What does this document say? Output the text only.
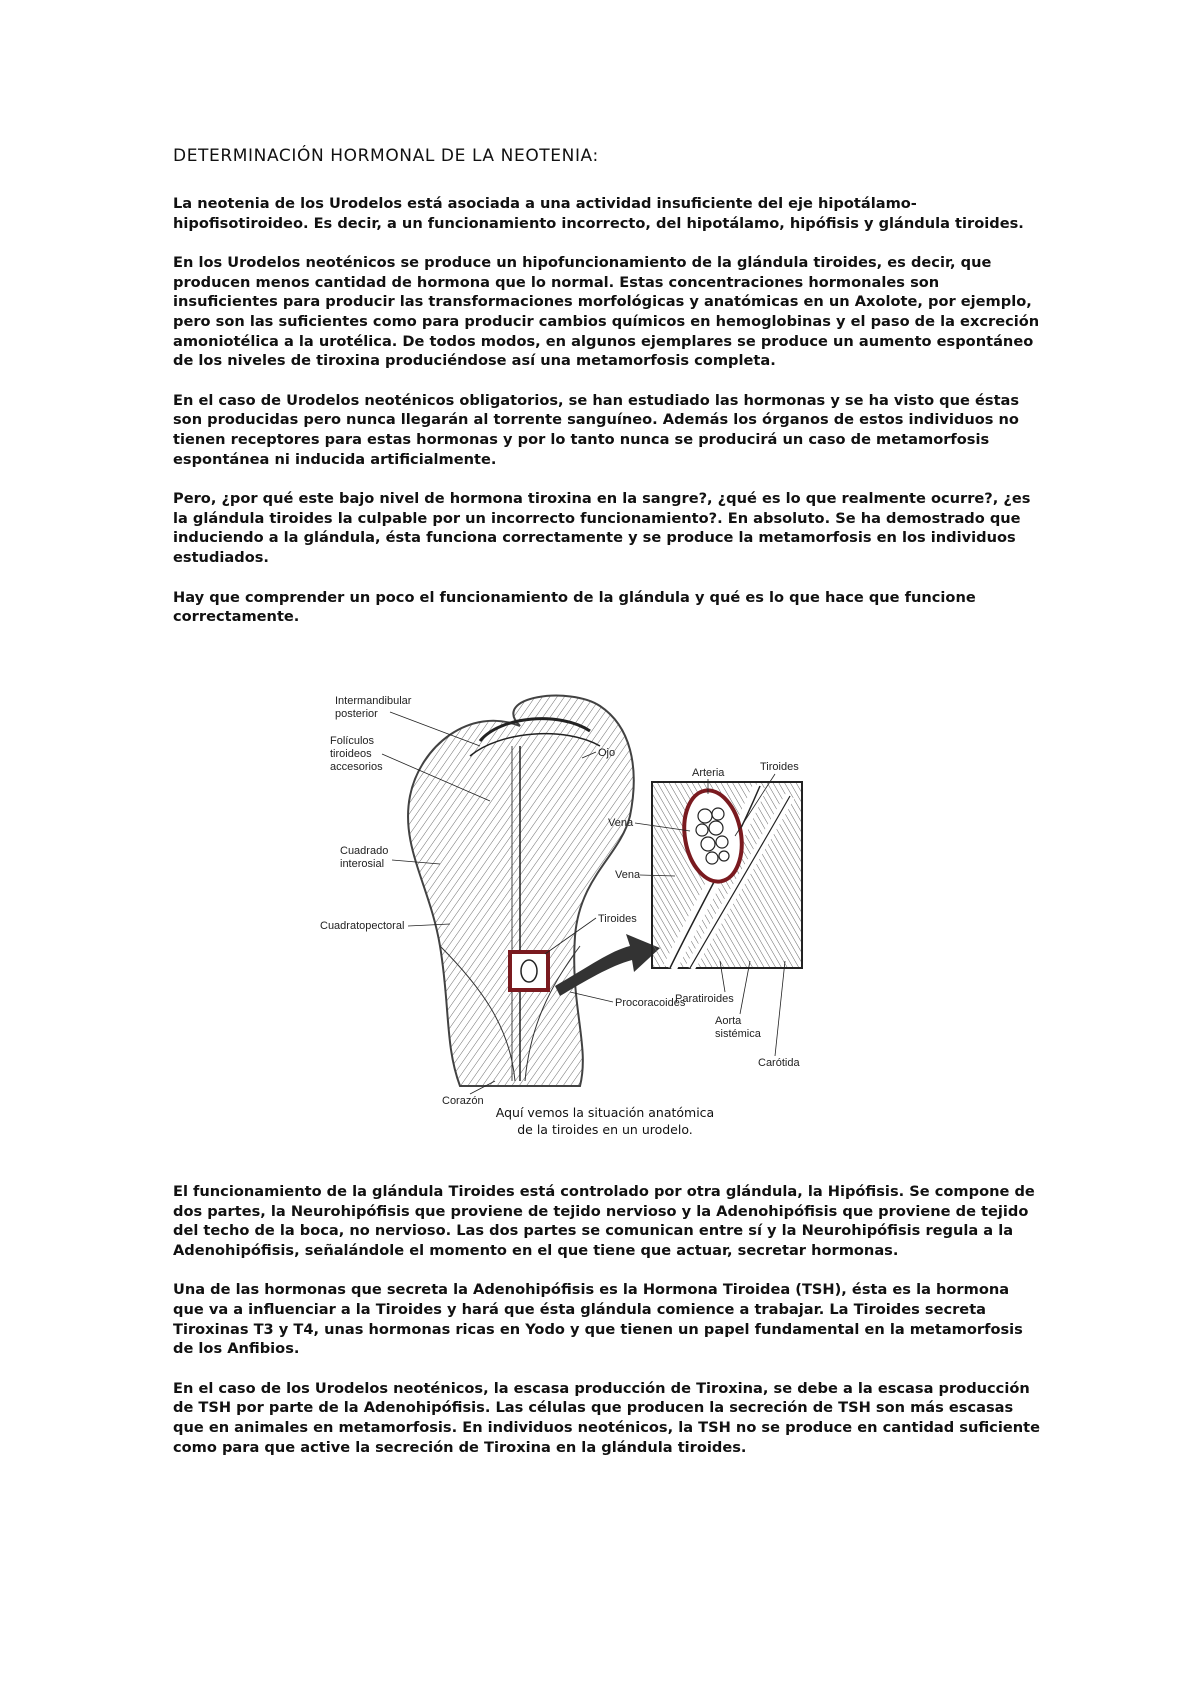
DETERMINACIÓN HORMONAL DE LA NEOTENIA:

La neotenia de los Urodelos está asociada a una actividad insuficiente del eje hipotálamo-hipofisotiroideo. Es decir, a un funcionamiento incorrecto, del hipotálamo, hipófisis y glándula tiroides.

En los Urodelos neoténicos se produce un hipofuncionamiento de la glándula tiroides, es decir, que producen menos cantidad de hormona que lo normal. Estas concentraciones hormonales son insuficientes para producir las transformaciones morfológicas y anatómicas en un Axolote, por ejemplo, pero son las suficientes como para producir cambios químicos en hemoglobinas y el paso de la excreción amoniotélica a la urotélica. De todos modos, en algunos ejemplares se produce un aumento espontáneo de los niveles de tiroxina produciéndose así una metamorfosis completa.

En el caso de Urodelos neoténicos obligatorios, se han estudiado las hormonas y se ha visto que éstas son producidas pero nunca llegarán al torrente sanguíneo. Además los órganos de estos individuos no tienen receptores para estas hormonas y por lo tanto nunca se producirá un caso de metamorfosis espontánea ni inducida artificialmente.

Pero, ¿por qué este bajo nivel de hormona tiroxina en la sangre?, ¿qué es lo que realmente ocurre?, ¿es la glándula tiroides la culpable por un incorrecto funcionamiento?. En absoluto. Se ha demostrado que induciendo a la glándula, ésta funciona correctamente y se produce la metamorfosis en los individuos estudiados.

Hay que comprender un poco el funcionamiento de la glándula y qué es lo que hace que funcione correctamente.

Intermandibular
posterior
Folículos
tiroideos
accesorios
Cuadrado
interosial
Cuadratopectoral
Ojo
Tiroides
Procoracoides
Corazón
Arteria	Tiroides
Vena
Vena
Paratiroides
Aorta
sistémica
Carótida
Aquí vemos la situación anatómica
de la tiroides en un urodelo.

El funcionamiento de la glándula Tiroides está controlado por otra glándula, la Hipófisis. Se compone de dos partes, la Neurohipófisis que proviene de tejido nervioso y la Adenohipófisis que proviene de tejido del techo de la boca, no nervioso. Las dos partes se comunican entre sí y la Neurohipófisis regula a la Adenohipófisis, señalándole el momento en el que tiene que actuar, secretar hormonas.

Una de las hormonas que secreta la Adenohipófisis es la Hormona Tiroidea (TSH), ésta es la hormona que va a influenciar a la Tiroides y hará que ésta glándula comience a trabajar. La Tiroides secreta Tiroxinas T3 y T4, unas hormonas ricas en Yodo y que tienen un papel fundamental en la metamorfosis de los Anfibios.

En el caso de los Urodelos neoténicos, la escasa producción de Tiroxina, se debe a la escasa producción de TSH por parte de la Adenohipófisis. Las células que producen la secreción de TSH son más escasas que en animales en metamorfosis. En individuos neoténicos, la TSH no se produce en cantidad suficiente como para que active la secreción de Tiroxina en la glándula tiroides.
